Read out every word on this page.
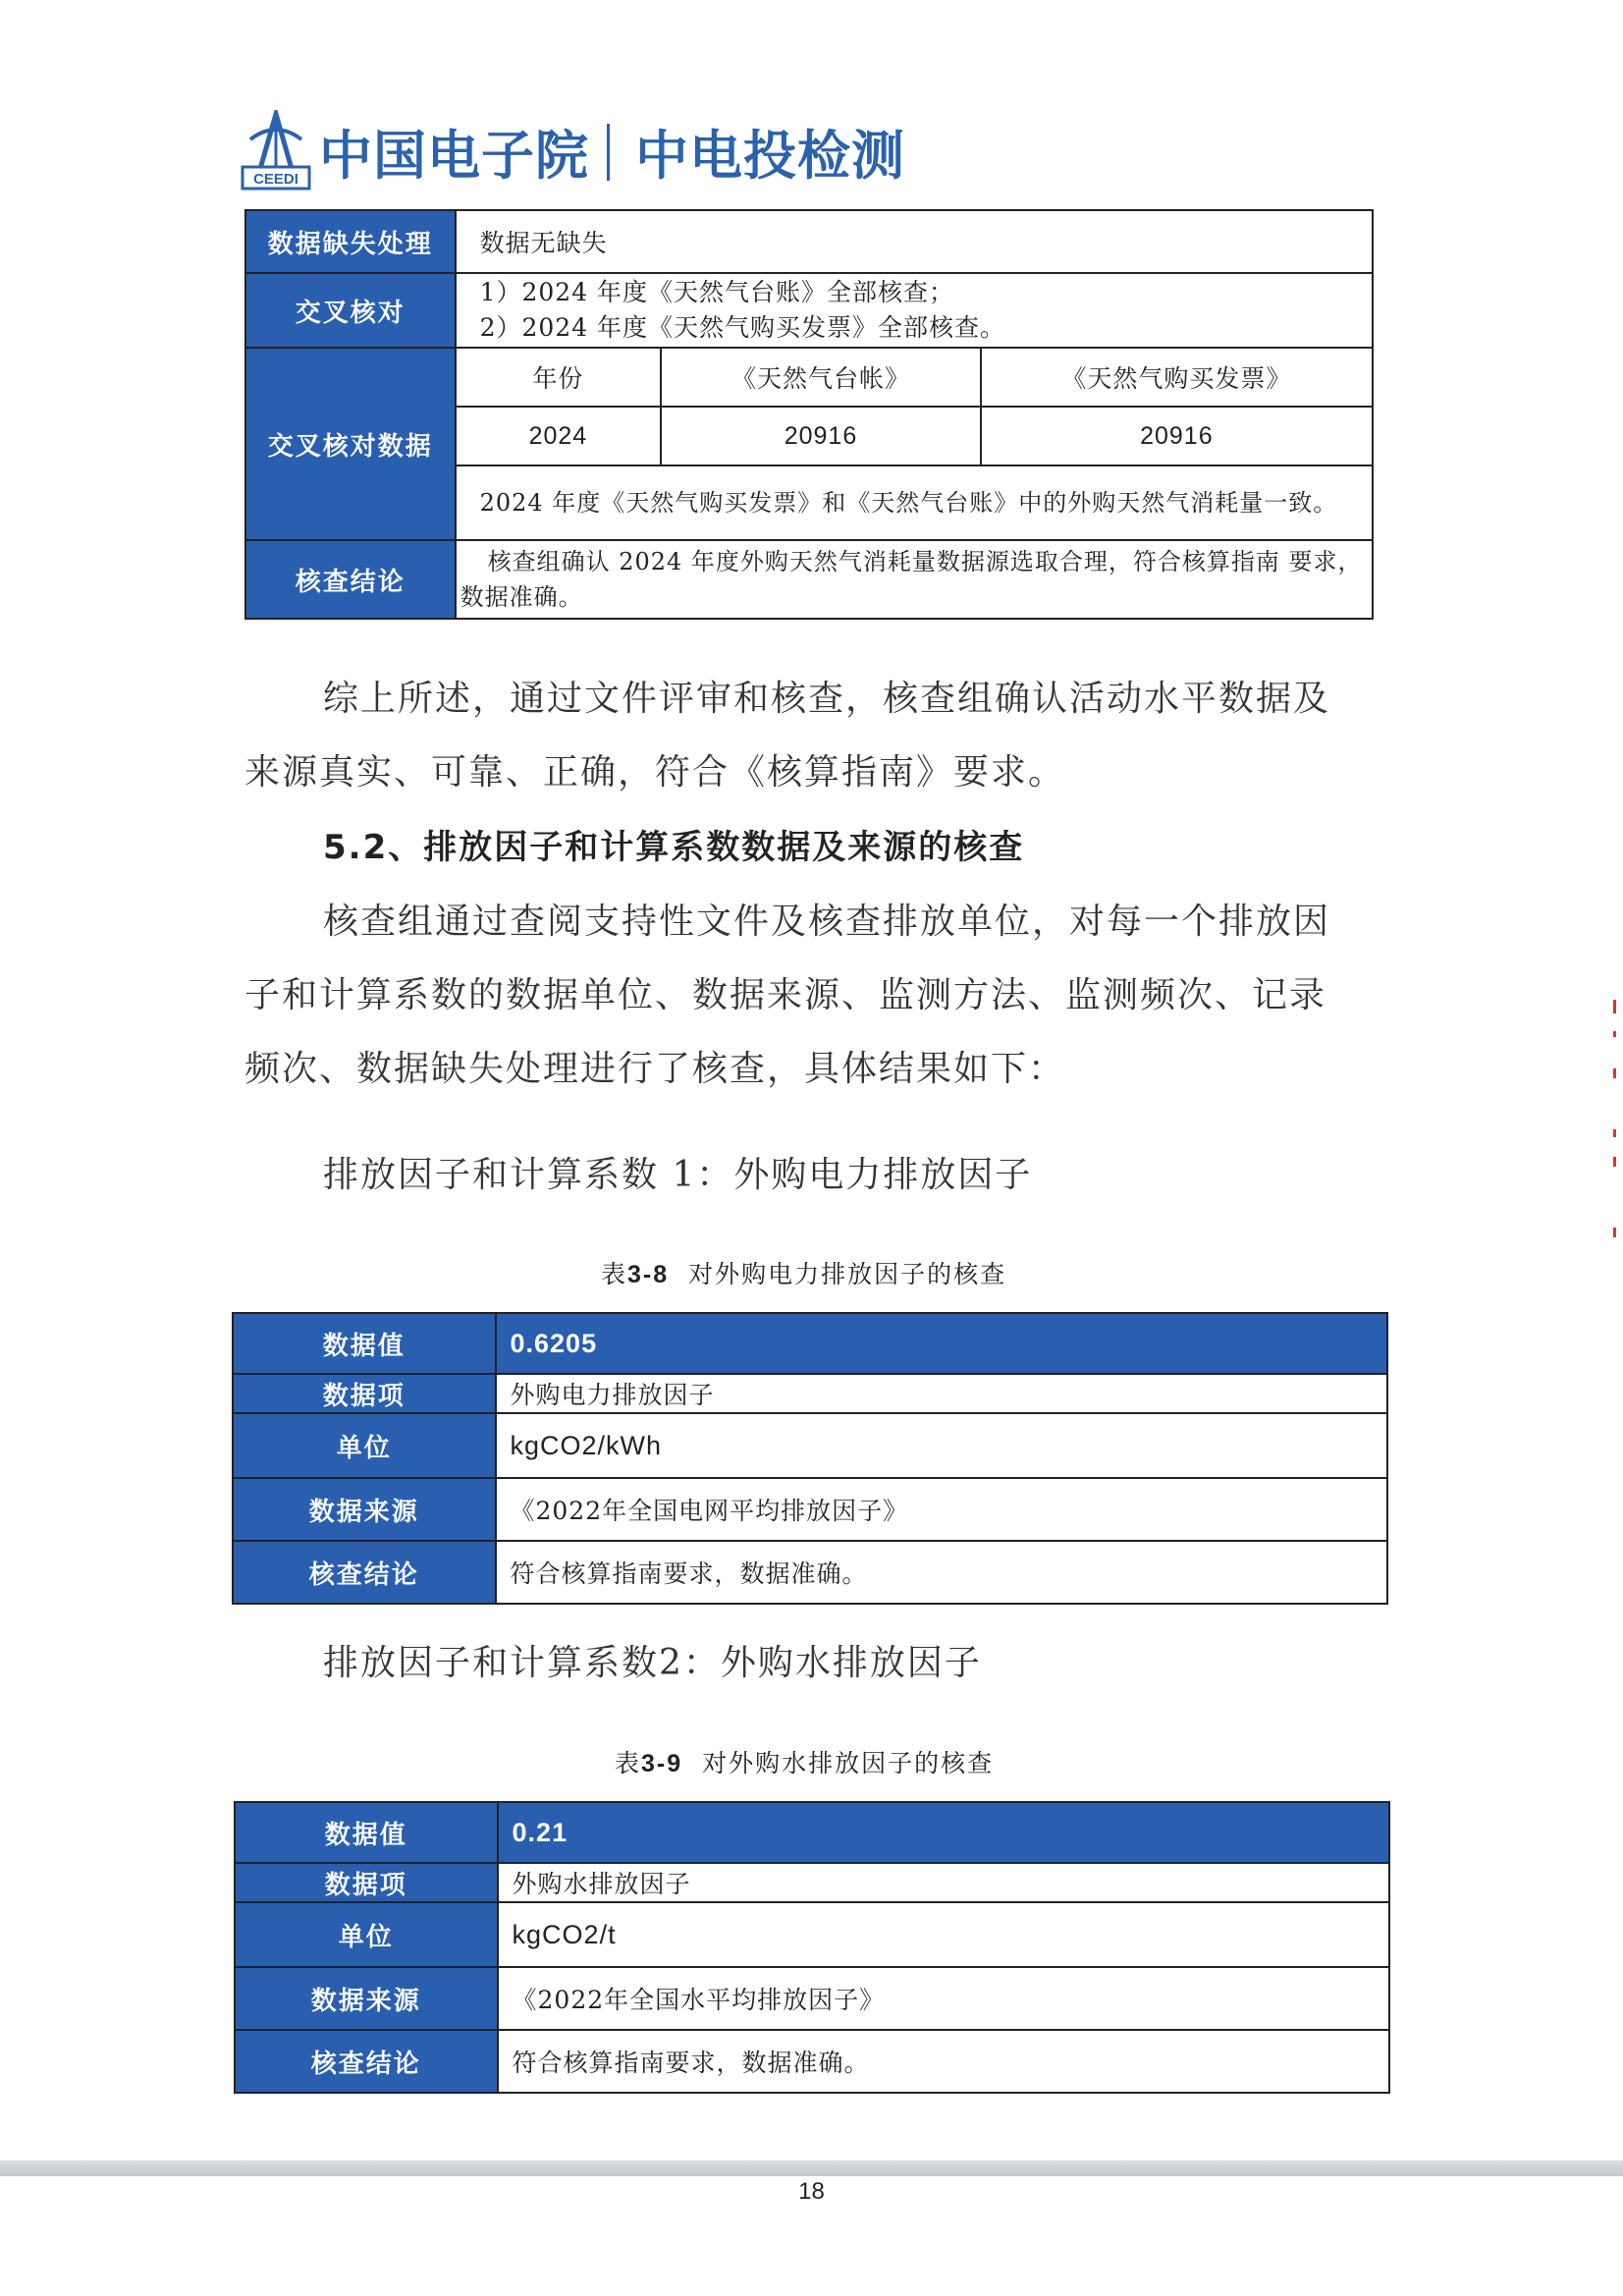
CEEDI 中国电子院 中电投检测
数据缺失处理	数据无缺失		
交叉核对	1）2024 年度《天然气台账》全部核查；
2）2024 年度《天然气购买发票》全部核查。		

交叉核对数据	年份	《天然气台帐》	《天然气购买发票》
	2024	20916	20916
	2024 年度《天然气购买发票》和《天然气台账》中的外购天然气消耗量一致。		
核查结论	核查组确认 2024 年度外购天然气消耗量数据源选取合理，符合核算指南 要求，数据准确。		
综上所述，通过文件评审和核查，核查组确认活动水平数据及
来源真实、可靠、正确，符合《核算指南》要求。
5.2、排放因子和计算系数数据及来源的核查
核查组通过查阅支持性文件及核查排放单位，对每一个排放因
子和计算系数的数据单位、数据来源、监测方法、监测频次、记录
频次、数据缺失处理进行了核查，具体结果如下：
排放因子和计算系数 1：外购电力排放因子
表3-8 对外购电力排放因子的核查
数据值	0.6205
数据项	外购电力排放因子
单位	kgCO2/kWh
数据来源	《2022年全国电网平均排放因子》
核查结论	符合核算指南要求，数据准确。
排放因子和计算系数2：外购水排放因子
表3-9 对外购水排放因子的核查
数据值	0.21
数据项	外购水排放因子
单位	kgCO2/t
数据来源	《2022年全国水平均排放因子》
核查结论	符合核算指南要求，数据准确。
18
